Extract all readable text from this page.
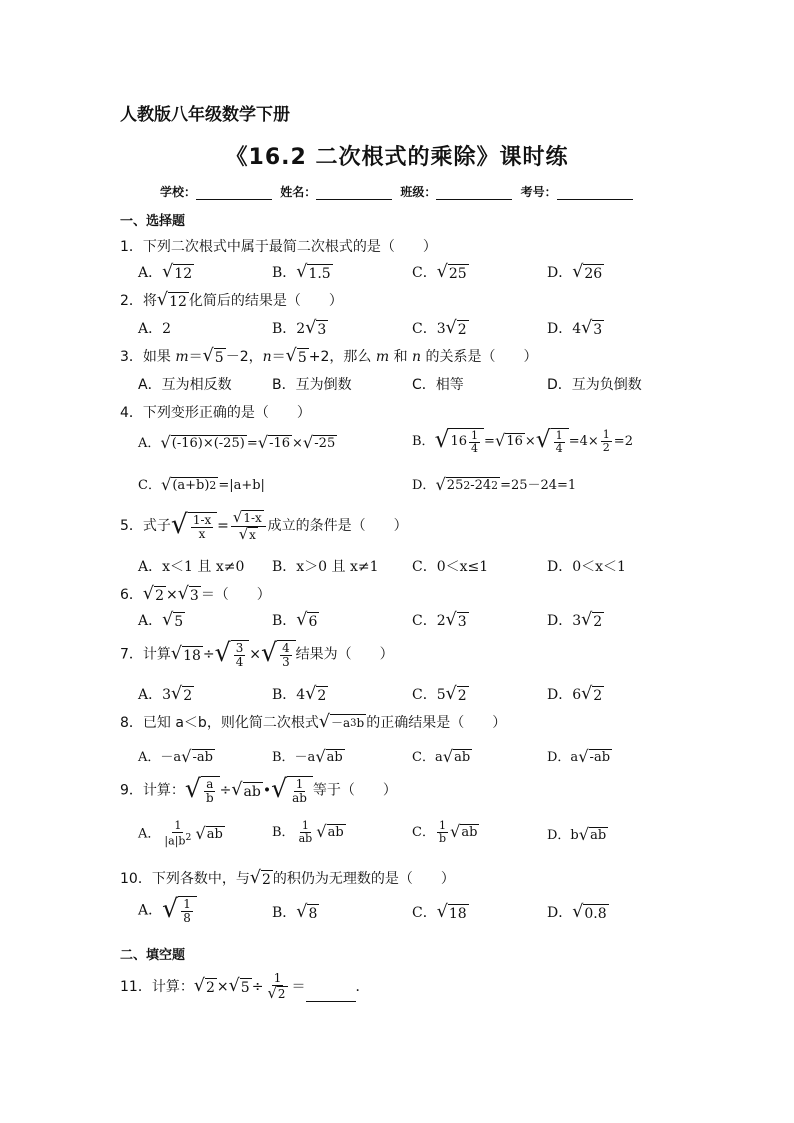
人教版八年级数学下册
《16.2 二次根式的乘除》课时练
学校：	姓名：	班级：	考号：
一、选择题
1．下列二次根式中属于最简二次根式的是（　　）
A． √ 12	B． √ 1.5	C． √ 25	D． √ 26
2．将 √ 12 化简后的结果是（　　）
A．2	B．2 √ 3	C．3 √ 2	D．4 √ 3
3．如果 m＝ √ 5 －2，n＝ √ 5 +2，那么 m 和 n 的关系是（　　）
A．互为相反数	B．互为倒数	C．相等	D．互为负倒数
4．下列变形正确的是（　　）
A． √ (-16)×(-25) = √ -16 × √ -25	B． √ $16 \frac{1}{4}$ = √ 16 × √ $\frac{1}{4} =4\times \frac{1}{2} =2$
C． √ (a+b) 2 =|a+b|	D． √ 25 2 -24 2 =25－24=1
5．式子 √ $\frac{1-x}{x} = \frac{√ 1-x}{√ x}$ 成立的条件是（　　）
A．x＜1 且 x≠0 B．x＞0 且 x≠1 C．0＜x≤1	D．0＜x＜1
6． √ 2 × √ 3 ＝（　　）
A． √ 5	B． √ 6	C．2 √ 3	D．3 √ 2
7．计算 √ 18 ÷ √ $\frac{3}{4}$ × √ $\frac{4}{3}$ 结果为（　　）
A．3 √ 2	B．4 √ 2	C．5 √ 2	D．6 √ 2
8．已知 a＜b，则化简二次根式 √ －a 3 b 的正确结果是（　　）
A．－a √ -ab	B．－a √ ab	C．a √ ab	D．a √ -ab
9．计算： √ $\frac{a}{b}$ ÷ √ ab • √ $\frac{1}{ab}$ 等于（　　）
A． $\frac{1}{|a|b^2}$ √ ab	B． $\frac{1}{ab}$ √ ab	C． $\frac{1}{b}$ √ ab	D．b √ ab
10．下列各数中，与 √ 2 的积仍为无理数的是（　　）
A． √ $\frac{1}{8}$	B． √ 8	C． √ 18	D． √ 0.8
二、填空题
11．计算： √ 2 × √ $5 \div \frac{1}{√ 2}$ ＝	．
